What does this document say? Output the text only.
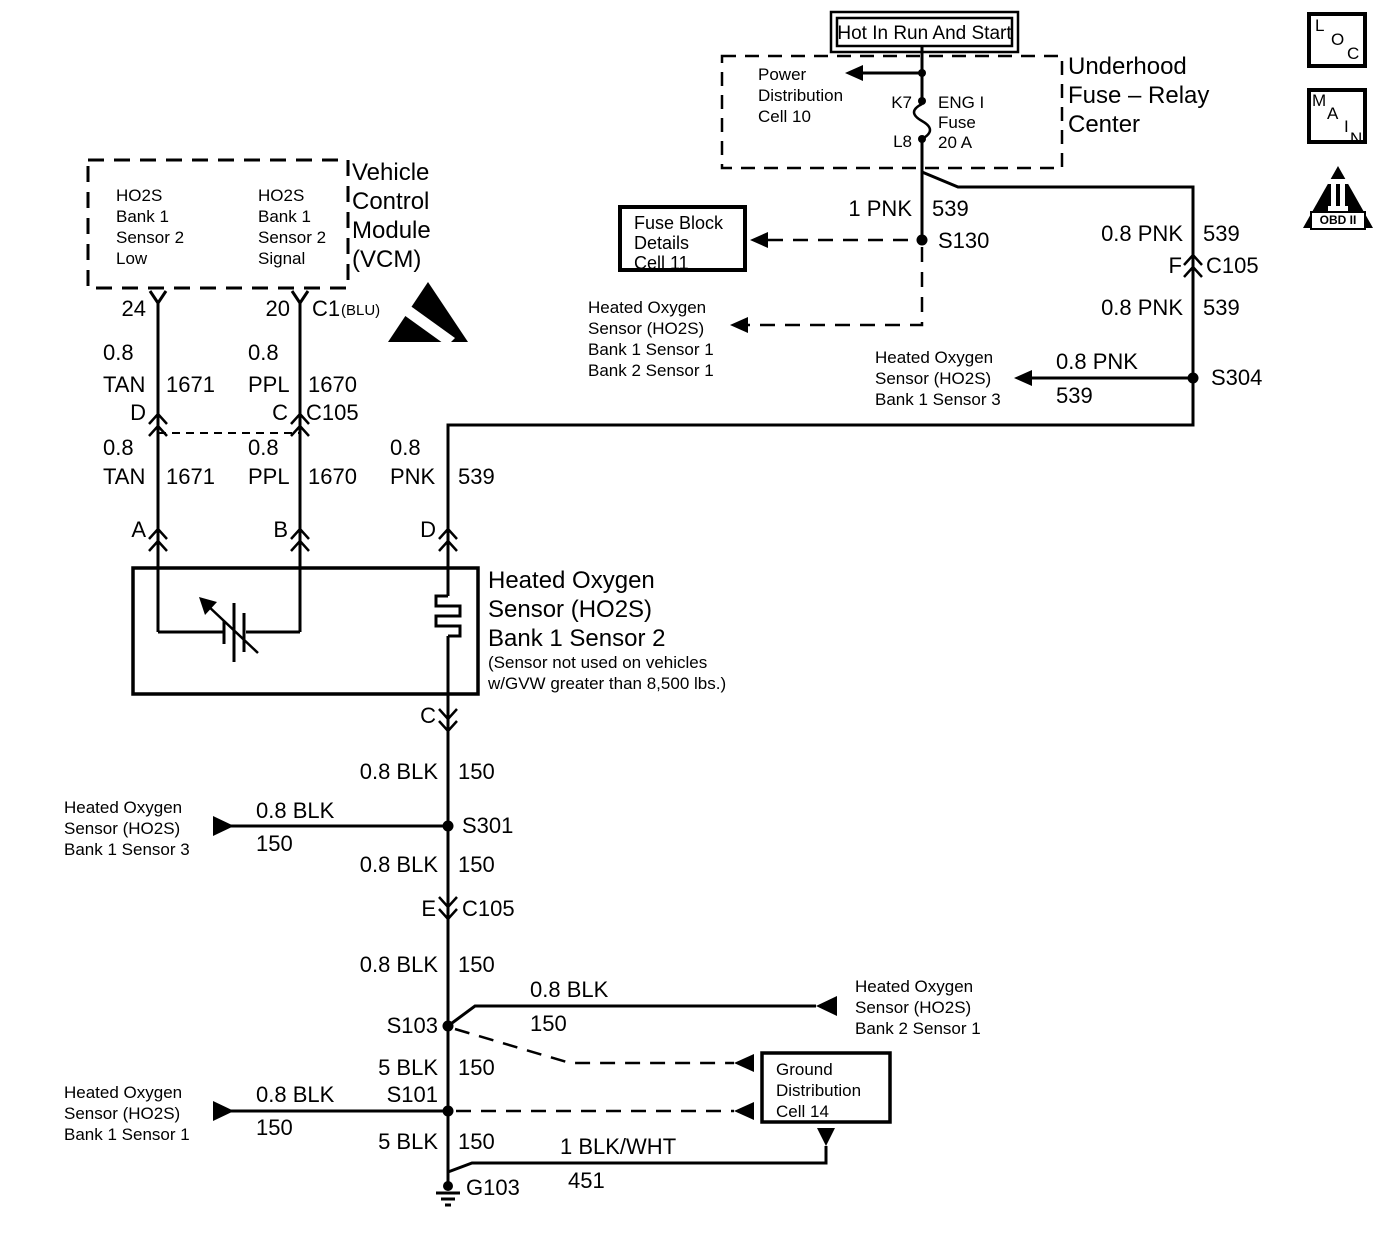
L
O
C
M
A
I
N
OBD II
Hot In Run And Start
Underhood
Fuse – Relay
Center
Power
Distribution
Cell 10
K7
L8
ENG I
Fuse
20 A
1 PNK 539
S130
Fuse Block
Details
Cell 11
Heated Oxygen
Sensor (HO2S)
Bank 1 Sensor 1
Bank 2 Sensor 1
0.8 PNK 539
F C105
0.8 PNK 539
S304
0.8 PNK
539
Heated Oxygen
Sensor (HO2S)
Bank 1 Sensor 3
HO2S
Bank 1
Sensor 2
Low
HO2S
Bank 1
Sensor 2
Signal
Vehicle
Control
Module
(VCM)
24	20 C1 (BLU)
0.8
TAN 1671
0.8
PPL 1670
D	C C105
0.8
TAN 1671
0.8
PPL 1670
0.8
PNK 539
A	B	D
Heated Oxygen
Sensor (HO2S)
Bank 1 Sensor 2
(Sensor not used on vehicles
w/GVW greater than 8,500 lbs.)
C
0.8 BLK 150
S301
0.8 BLK
150
Heated Oxygen
Sensor (HO2S)
Bank 1 Sensor 3
0.8 BLK 150
E C105
0.8 BLK 150
S103
0.8 BLK
150
Heated Oxygen
Sensor (HO2S)
Bank 2 Sensor 1
5 BLK 150
S101
0.8 BLK
150
Heated Oxygen
Sensor (HO2S)
Bank 1 Sensor 1
Ground
Distribution
Cell 14
5 BLK 150
G103
1 BLK/WHT
451
